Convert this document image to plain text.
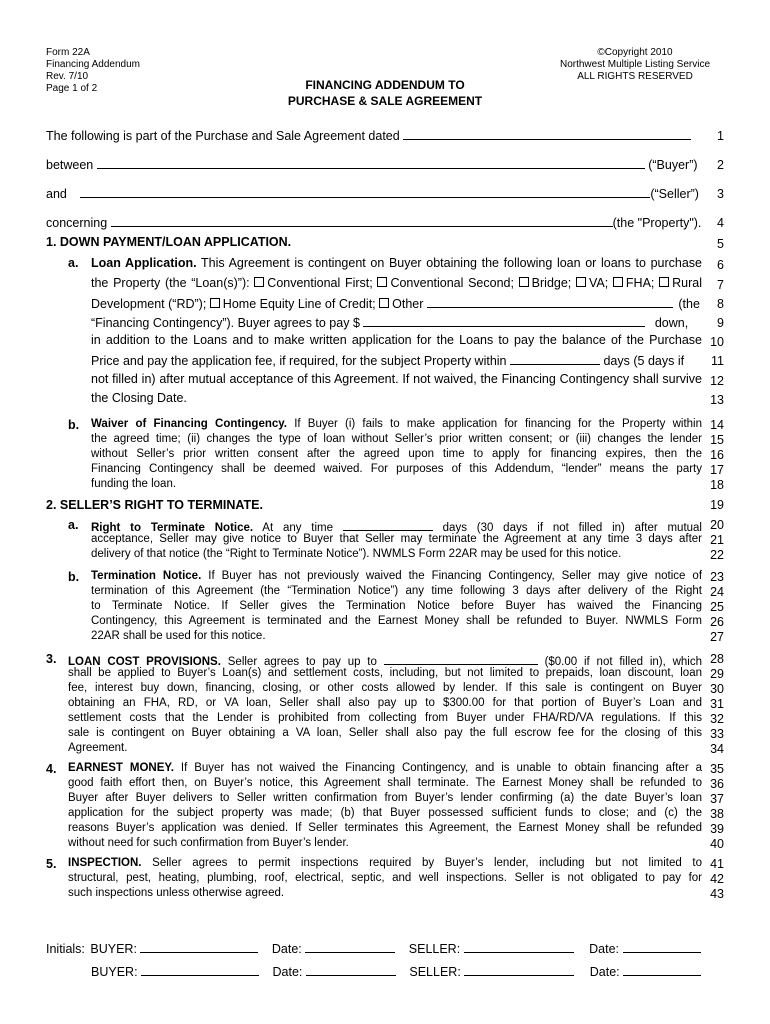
Form 22A
Financing Addendum
Rev. 7/10
Page 1 of 2
©Copyright 2010
Northwest Multiple Listing Service
ALL RIGHTS RESERVED
FINANCING ADDENDUM TO
PURCHASE & SALE AGREEMENT
The following is part of the Purchase and Sale Agreement dated
between	(“Buyer”)
and	(“Seller”)
concerning	(the "Property").
1. DOWN PAYMENT/LOAN APPLICATION.
a. Loan Application. This Agreement is contingent on Buyer obtaining the following loan or loans to purchase
the Property (the “Loan(s)”): Conventional First; Conventional Second; Bridge; VA; FHA; Rural
Development (“RD”); Home Equity Line of Credit; Other	(the
“Financing Contingency”). Buyer agrees to pay $	down,
in addition to the Loans and to make written application for the Loans to pay the balance of the Purchase
Price and pay the application fee, if required, for the subject Property within	days (5 days if
not filled in) after mutual acceptance of this Agreement. If not waived, the Financing Contingency shall survive
the Closing Date.
b. Waiver of Financing Contingency. If Buyer (i) fails to make application for financing for the Property within
the agreed time; (ii) changes the type of loan without Seller’s prior written consent; or (iii) changes the lender
without Seller’s prior written consent after the agreed upon time to apply for financing expires, then the
Financing Contingency shall be deemed waived. For purposes of this Addendum, “lender” means the party
funding the loan.
2. SELLER’S RIGHT TO TERMINATE.
a. Right to Terminate Notice. At any time	days (30 days if not filled in) after mutual
acceptance, Seller may give notice to Buyer that Seller may terminate the Agreement at any time 3 days after
delivery of that notice (the “Right to Terminate Notice”). NWMLS Form 22AR may be used for this notice.
b. Termination Notice. If Buyer has not previously waived the Financing Contingency, Seller may give notice of
termination of this Agreement (the “Termination Notice”) any time following 3 days after delivery of the Right
to Terminate Notice. If Seller gives the Termination Notice before Buyer has waived the Financing
Contingency, this Agreement is terminated and the Earnest Money shall be refunded to Buyer. NWMLS Form
22AR shall be used for this notice.
3. LOAN COST PROVISIONS. Seller agrees to pay up to	($0.00 if not filled in), which
shall be applied to Buyer’s Loan(s) and settlement costs, including, but not limited to prepaids, loan discount, loan
fee, interest buy down, financing, closing, or other costs allowed by lender. If this sale is contingent on Buyer
obtaining an FHA, RD, or VA loan, Seller shall also pay up to $300.00 for that portion of Buyer’s Loan and
settlement costs that the Lender is prohibited from collecting from Buyer under FHA/RD/VA regulations. If this
sale is contingent on Buyer obtaining a VA loan, Seller shall also pay the full escrow fee for the closing of this
Agreement.
4. EARNEST MONEY. If Buyer has not waived the Financing Contingency, and is unable to obtain financing after a
good faith effort then, on Buyer’s notice, this Agreement shall terminate. The Earnest Money shall be refunded to
Buyer after Buyer delivers to Seller written confirmation from Buyer’s lender confirming (a) the date Buyer’s loan
application for the subject property was made; (b) that Buyer possessed sufficient funds to close; and (c) the
reasons Buyer’s application was denied. If Seller terminates this Agreement, the Earnest Money shall be refunded
without need for such confirmation from Buyer’s lender.
5. INSPECTION. Seller agrees to permit inspections required by Buyer’s lender, including but not limited to
structural, pest, heating, plumbing, roof, electrical, septic, and well inspections. Seller is not obligated to pay for
such inspections unless otherwise agreed.
1
2
3
4
5
6
7
8
9
10
11
12
13
14
15
16
17
18
19
20
21
22
23
24
25
26
27
28
29
30
31
32
33
34
35
36
37
38
39
40
41
42
43
Initials: BUYER:	Date:	SELLER:	Date:
BUYER:	Date:	SELLER:	Date:
